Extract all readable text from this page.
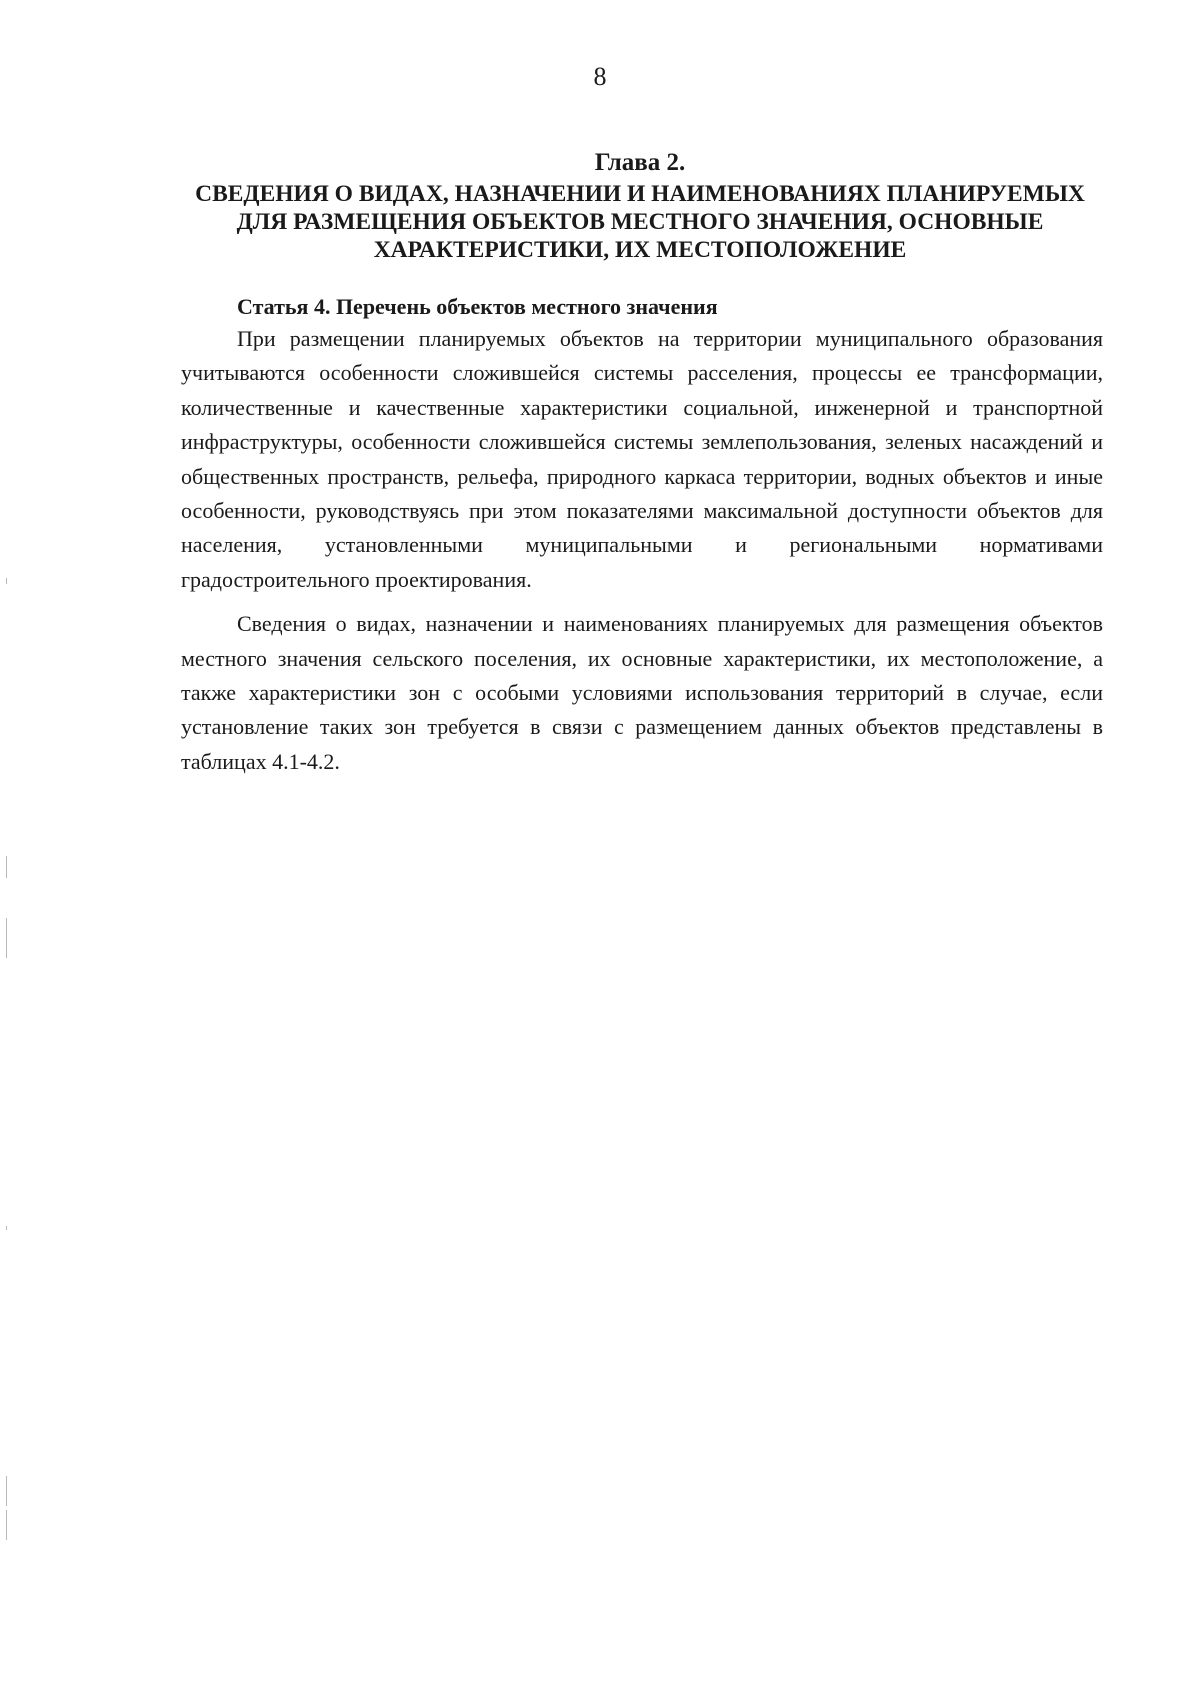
8
Глава 2.
СВЕДЕНИЯ О ВИДАХ, НАЗНАЧЕНИИ И НАИМЕНОВАНИЯХ ПЛАНИРУЕМЫХ
ДЛЯ РАЗМЕЩЕНИЯ ОБЪЕКТОВ МЕСТНОГО ЗНАЧЕНИЯ, ОСНОВНЫЕ
ХАРАКТЕРИСТИКИ, ИХ МЕСТОПОЛОЖЕНИЕ
Статья 4. Перечень объектов местного значения

При размещении планируемых объектов на территории муниципального образования учитываются особенности сложившейся системы расселения, процессы ее трансформации, количественные и качественные характеристики социальной, инженерной и транспортной инфраструктуры, особенности сложившейся системы землепользования, зеленых насаждений и общественных пространств, рельефа, природного каркаса территории, водных объектов и иные особенности, руководствуясь при этом показателями максимальной доступности объектов для населения, установленными муниципальными и региональными нормативами градостроительного проектирования.

Сведения о видах, назначении и наименованиях планируемых для размещения объектов местного значения сельского поселения, их основные характеристики, их местоположение, а также характеристики зон с особыми условиями использования территорий в случае, если установление таких зон требуется в связи с размещением данных объектов представлены в таблицах 4.1-4.2.
